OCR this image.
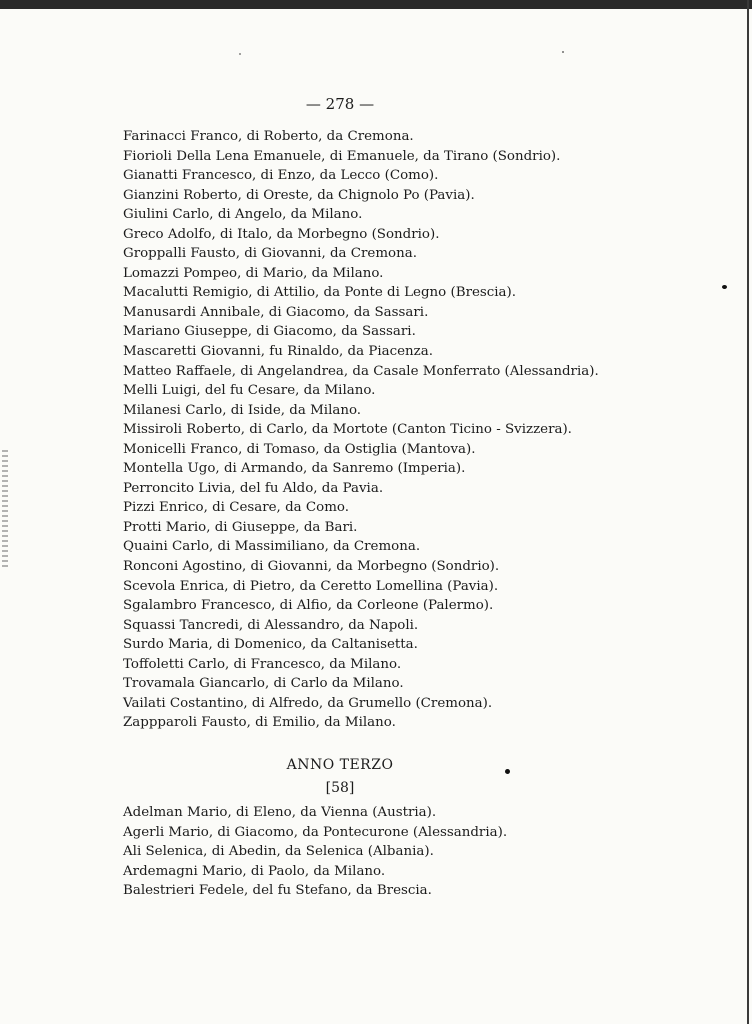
— 278 —
Farinacci Franco, di Roberto, da Cremona.
Fiorioli Della Lena Emanuele, di Emanuele, da Tirano (Sondrio).
Gianatti Francesco, di Enzo, da Lecco (Como).
Gianzini Roberto, di Oreste, da Chignolo Po (Pavia).
Giulini Carlo, di Angelo, da Milano.
Greco Adolfo, di Italo, da Morbegno (Sondrio).
Groppalli Fausto, di Giovanni, da Cremona.
Lomazzi Pompeo, di Mario, da Milano.
Macalutti Remigio, di Attilio, da Ponte di Legno (Brescia).
Manusardi Annibale, di Giacomo, da Sassari.
Mariano Giuseppe, di Giacomo, da Sassari.
Mascaretti Giovanni, fu Rinaldo, da Piacenza.
Matteo Raffaele, di Angelandrea, da Casale Monferrato (Alessandria).
Melli Luigi, del fu Cesare, da Milano.
Milanesi Carlo, di Iside, da Milano.
Missiroli Roberto, di Carlo, da Mortote (Canton Ticino - Svizzera).
Monicelli Franco, di Tomaso, da Ostiglia (Mantova).
Montella Ugo, di Armando, da Sanremo (Imperia).
Perroncito Livia, del fu Aldo, da Pavia.
Pizzi Enrico, di Cesare, da Como.
Protti Mario, di Giuseppe, da Bari.
Quaini Carlo, di Massimiliano, da Cremona.
Ronconi Agostino, di Giovanni, da Morbegno (Sondrio).
Scevola Enrica, di Pietro, da Ceretto Lomellina (Pavia).
Sgalambro Francesco, di Alfio, da Corleone (Palermo).
Squassi Tancredi, di Alessandro, da Napoli.
Surdo Maria, di Domenico, da Caltanisetta.
Toffoletti Carlo, di Francesco, da Milano.
Trovamala Giancarlo, di Carlo da Milano.
Vailati Costantino, di Alfredo, da Grumello (Cremona).
Zappparoli Fausto, di Emilio, da Milano.
ANNO TERZO
[58]
Adelman Mario, di Eleno, da Vienna (Austria).
Agerli Mario, di Giacomo, da Pontecurone (Alessandria).
Ali Selenica, di Abedin, da Selenica (Albania).
Ardemagni Mario, di Paolo, da Milano.
Balestrieri Fedele, del fu Stefano, da Brescia.
